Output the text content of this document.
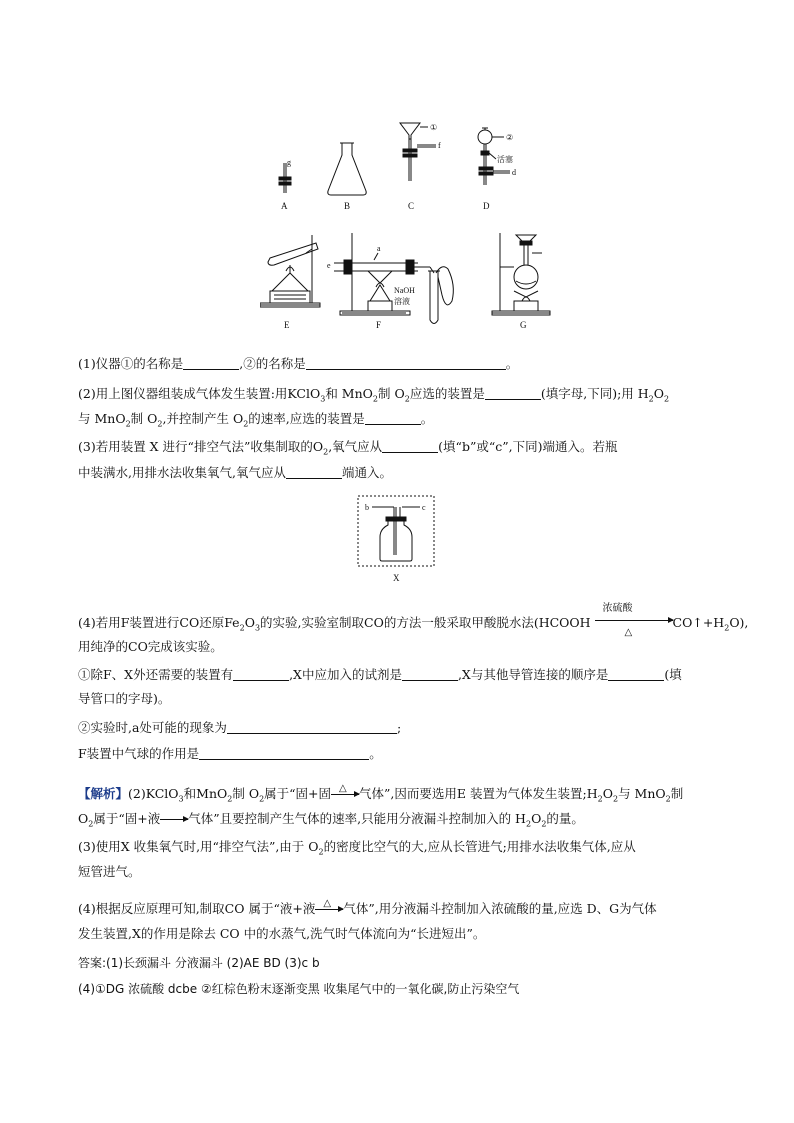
A	B	C	D
E	F	G
g
f
①
②
活塞
d
a
e
NaOH
溶液
(1)仪器①的名称是	,②的名称是	。
(2)用上图仪器组装成气体发生装置:用KClO$_3$和 MnO$_2$制 $O_2$应选的装置是	(填字母,下同);用 $H_2O_2$
与 MnO$_2$制 $O_2$,并控制产生 $O_2$的速率,应选的装置是	。
(3)若用装置 X 进行“排空气法”收集制取的$O_2$,氧气应从	(填“b”或“c”,下同)端通入。若瓶
中装满水,用排水法收集氧气,氧气应从	端通入。
b	c
X
(4)若用F装置进行CO还原$Fe_2O_3$的实验,实验室制取CO的方法一般采取甲酸脱水法(HCOOH
浓硫酸
△
$CO↑+H_2O$),
用纯净的CO完成该实验。
①除F、X外还需要的装置有	,X中应加入的试剂是	,X与其他导管连接的顺序是	(填
导管口的字母)。
②实验时,a处可能的现象为	;
F装置中气球的作用是	。
【解析】(2)KClO$_3$和MnO$_2$制 $O_2$属于“固+固 △ 气体”,因而要选用E 装置为气体发生装置$;H_2O_2$与 MnO$_2$制
$O_2$属于“固+液→气体”且要控制产生气体的速率,只能用分液漏斗控制加入的 $H_2O_2$的量。
(3)使用X 收集氧气时,用“排空气法”,由于 $O_2$的密度比空气的大,应从长管进气;用排水法收集气体,应从
短管进气。
(4)根据反应原理可知,制取CO 属于“液+液 △ 气体”,用分液漏斗控制加入浓硫酸的量,应选 D、G为气体
发生装置,X的作用是除去 CO 中的水蒸气,洗气时气体流向为“长进短出”。
答案:(1)长颈漏斗 分液漏斗 (2)AE BD (3)c b
(4)①DG 浓硫酸 dcbe ②红棕色粉末逐渐变黑 收集尾气中的一氧化碳,防止污染空气
